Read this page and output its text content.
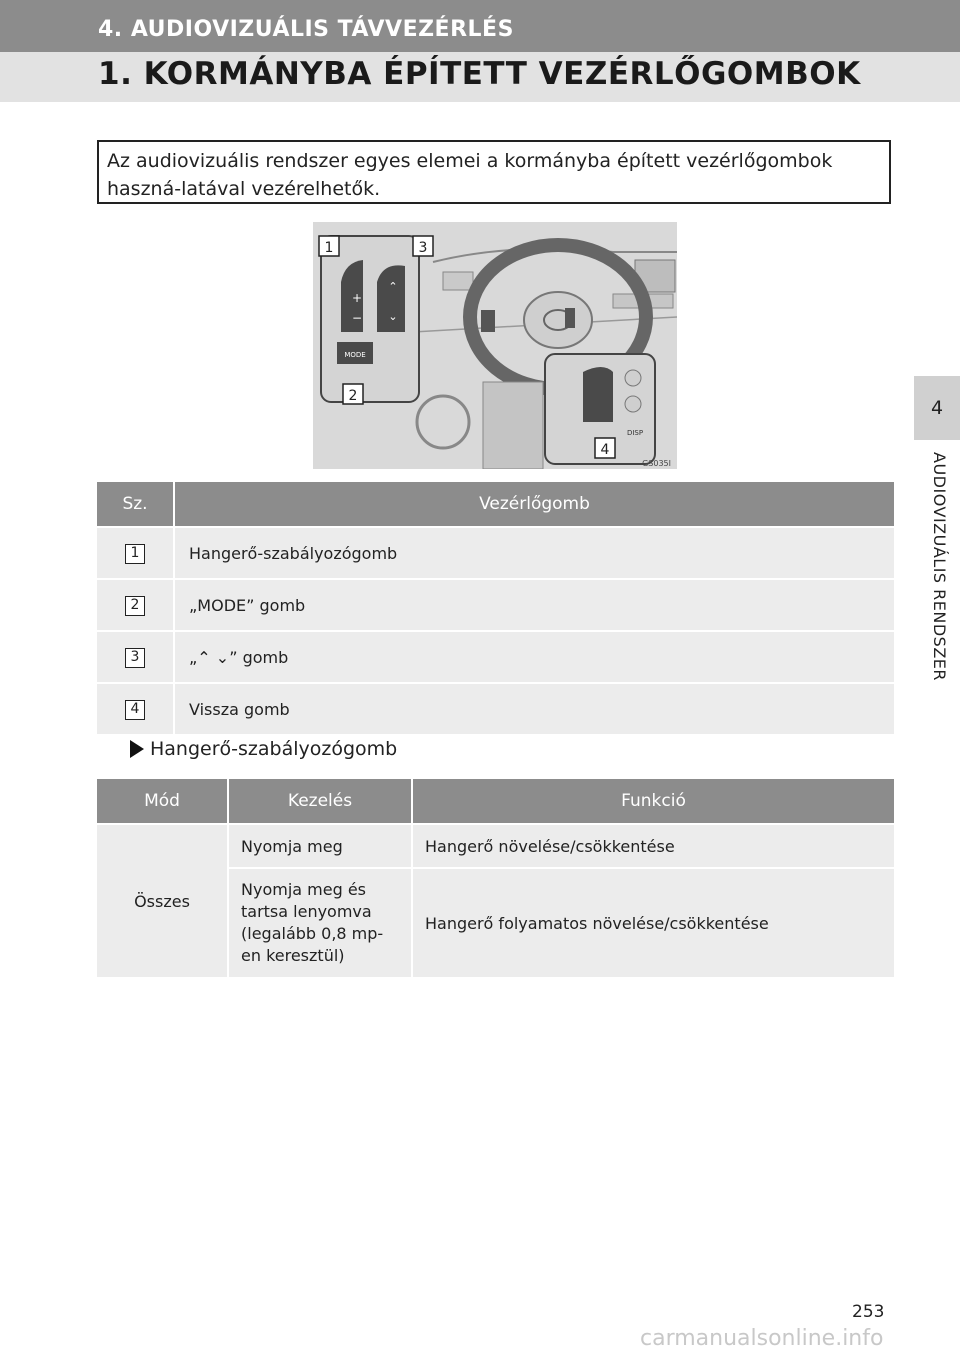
4. AUDIOVIZUÁLIS TÁVVEZÉRLÉS
1. KORMÁNYBA ÉPÍTETT VEZÉRLŐGOMBOK
Az audiovizuális rendszer egyes elemei a kormányba épített vezérlőgombok haszná-latával vezérelhetők.
+
−
⌃
⌄
MODE
DISP
1	3
2
4
GS035I
Sz.	Vezérlőgomb
1	Hangerő-szabályozógomb
2	„MODE” gomb
3	„⌃ ⌄” gomb
4	Vissza gomb
Hangerő-szabályozógomb
Mód	Kezelés	Funkció
Összes	Nyomja meg	Hangerő növelése/csökkentése
	Nyomja meg és tartsa lenyomva (legalább 0,8 mp-en keresztül)	Hangerő folyamatos növelése/csökkentése
4
AUDIOVIZUÁLIS RENDSZER
253
carmanualsonline.info
